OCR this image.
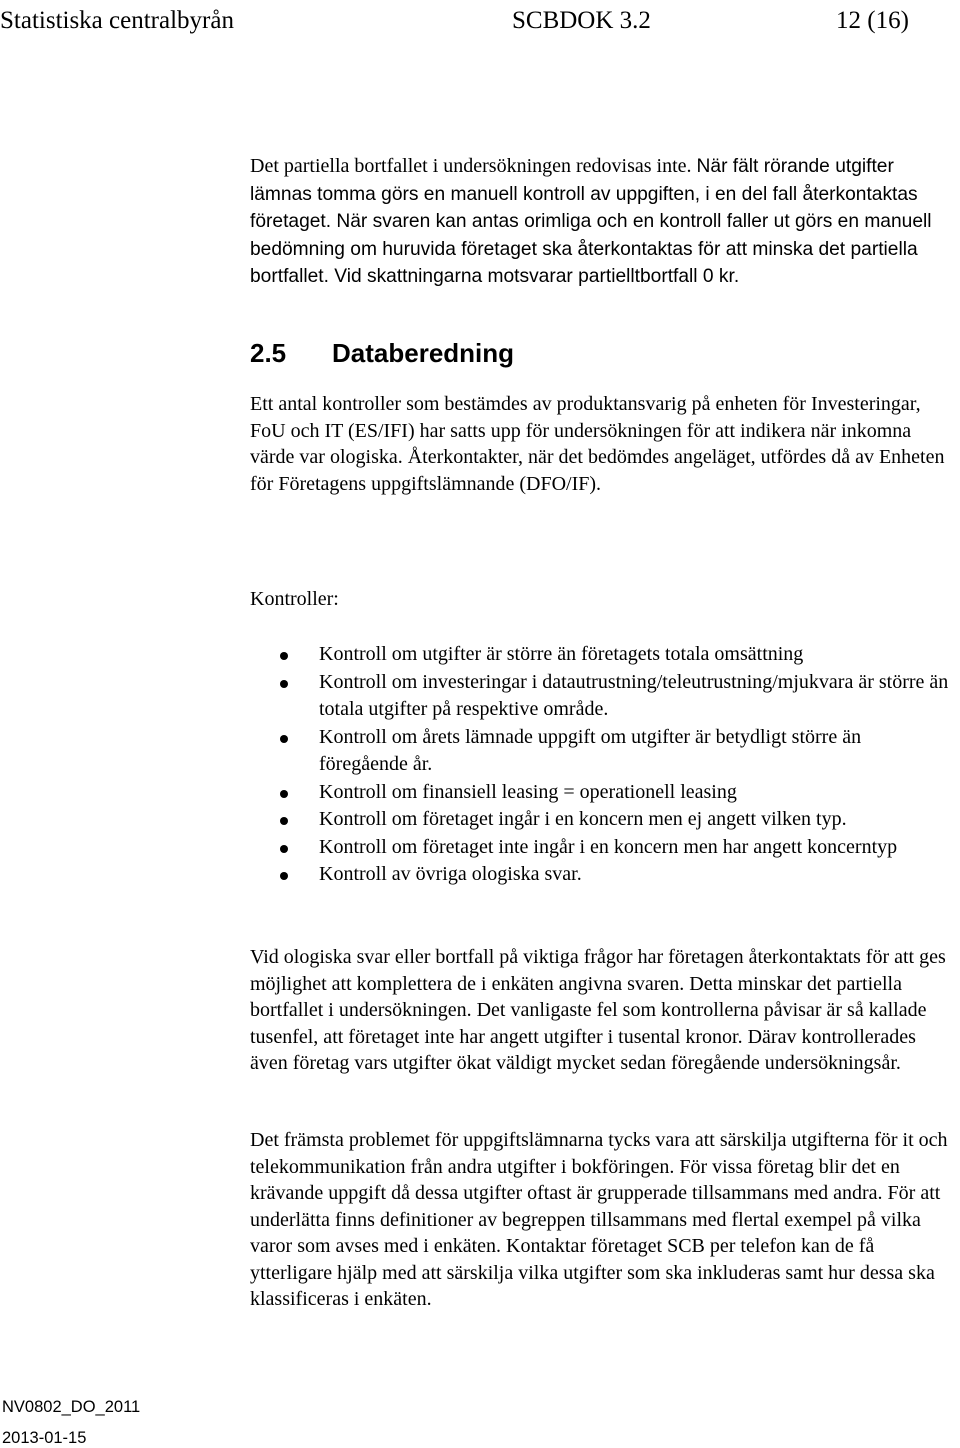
Statistiska centralbyrån	SCBDOK 3.2	12 (16)

Det partiella bortfallet i undersökningen redovisas inte. När fält rörande utgifter lämnas tomma görs en manuell kontroll av uppgiften, i en del fall återkontaktas företaget. När svaren kan antas orimliga och en kontroll faller ut görs en manuell bedömning om huruvida företaget ska återkontaktas för att minska det partiella bortfallet. Vid skattningarna motsvarar partielltbortfall 0 kr.

2.5 Databeredning

Ett antal kontroller som bestämdes av produktansvarig på enheten för Investeringar, FoU och IT (ES/IFI) har satts upp för undersökningen för att indikera när inkomna värde var ologiska. Återkontakter, när det bedömdes angeläget, utfördes då av Enheten för Företagens uppgiftslämnande (DFO/IF).

Kontroller:

Kontroll om utgifter är större än företagets totala omsättning
Kontroll om investeringar i datautrustning/teleutrustning/mjukvara är större än totala utgifter på respektive område.
Kontroll om årets lämnade uppgift om utgifter är betydligt större än föregående år.
Kontroll om finansiell leasing = operationell leasing
Kontroll om företaget ingår i en koncern men ej angett vilken typ.
Kontroll om företaget inte ingår i en koncern men har angett koncerntyp
Kontroll av övriga ologiska svar.

Vid ologiska svar eller bortfall på viktiga frågor har företagen återkontaktats för att ges möjlighet att komplettera de i enkäten angivna svaren. Detta minskar det partiella bortfallet i undersökningen. Det vanligaste fel som kontrollerna påvisar är så kallade tusenfel, att företaget inte har angett utgifter i tusental kronor. Därav kontrollerades även företag vars utgifter ökat väldigt mycket sedan föregående undersökningsår.

Det främsta problemet för uppgiftslämnarna tycks vara att särskilja utgifterna för it och telekommunikation från andra utgifter i bokföringen. För vissa företag blir det en krävande uppgift då dessa utgifter oftast är grupperade tillsammans med andra. För att underlätta finns definitioner av begreppen tillsammans med flertal exempel på vilka varor som avses med i enkäten. Kontaktar företaget SCB per telefon kan de få ytterligare hjälp med att särskilja vilka utgifter som ska inkluderas samt hur dessa ska klassificeras i enkäten.

NV0802_DO_2011
2013-01-15
